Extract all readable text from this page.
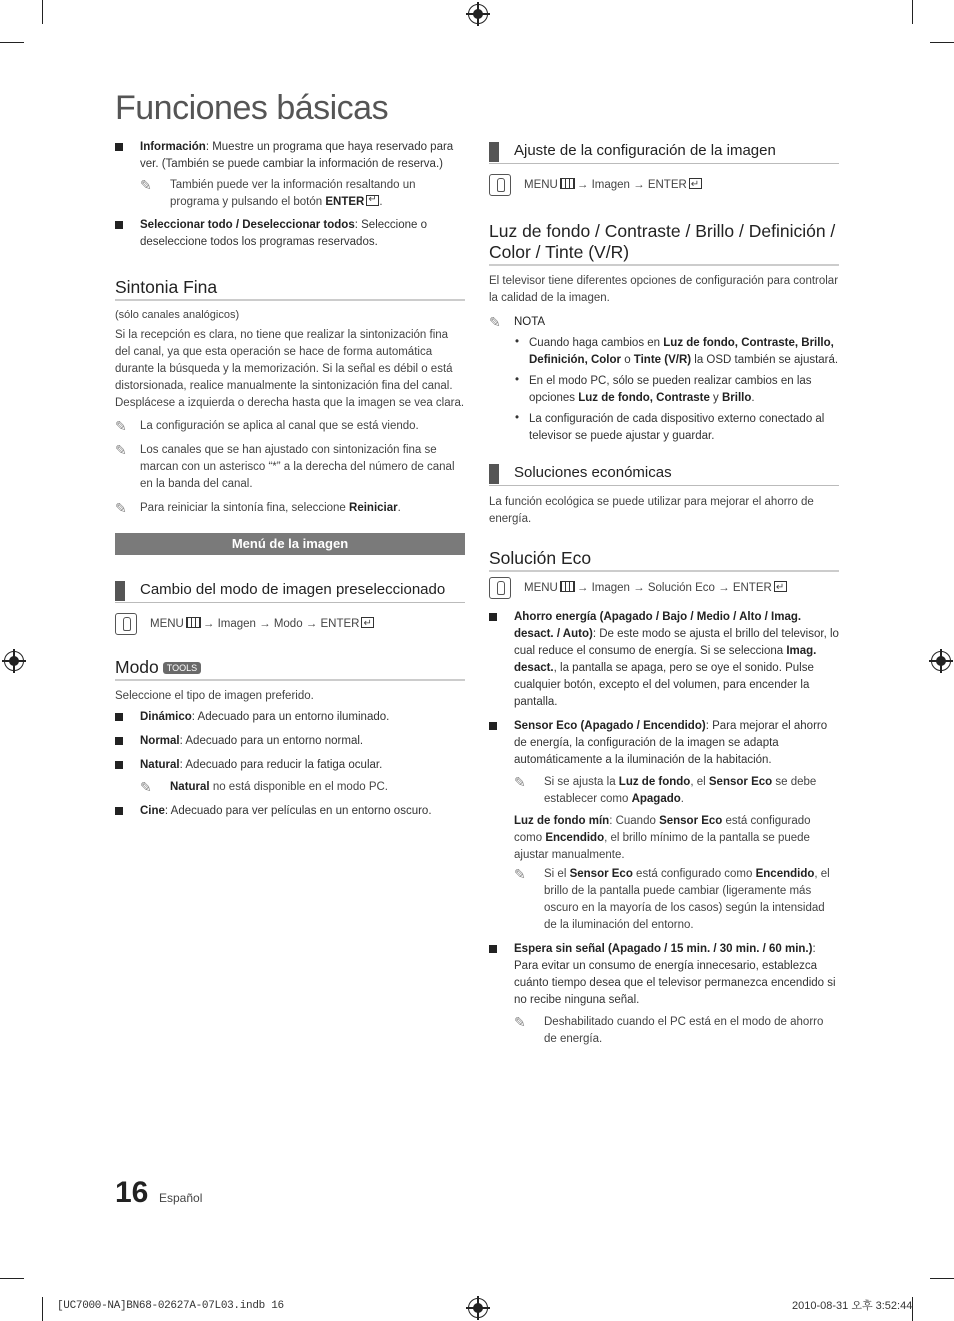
Funciones básicas
Información: Muestre un programa que haya reservado para ver. (También se puede cambiar la información de reserva.)
✎ También puede ver la información resaltando un programa y pulsando el botón ENTER↵ .
Seleccionar todo / Deseleccionar todos: Seleccione o deseleccione todos los programas reservados.
Sintonia Fina
(sólo canales analógicos)
Si la recepción es clara, no tiene que realizar la sintonización fina del canal, ya que esta operación se hace de forma automática durante la búsqueda y la memorización. Si la señal es débil o está distorsionada, realice manualmente la sintonización fina del canal. Desplácese a izquierda o derecha hasta que la imagen se vea clara.
✎ La configuración se aplica al canal que se está viendo.
✎ Los canales que se han ajustado con sintonización fina se marcan con un asterisco “*” a la derecha del número de canal en la banda del canal.
✎ Para reiniciar la sintonía fina, seleccione Reiniciar.
Menú de la imagen
Cambio del modo de imagen preseleccionado
MENU → Imagen → Modo → ENTER↵
Modo TOOLS
Seleccione el tipo de imagen preferido.
Dinámico: Adecuado para un entorno iluminado.
Normal: Adecuado para un entorno normal.
Natural: Adecuado para reducir la fatiga ocular.
✎ Natural no está disponible en el modo PC.
Cine: Adecuado para ver películas en un entorno oscuro.
Ajuste de la configuración de la imagen
MENU → Imagen → ENTER↵
Luz de fondo / Contraste / Brillo / Definición / Color / Tinte (V/R)
El televisor tiene diferentes opciones de configuración para controlar la calidad de la imagen.
✎ NOTA
• Cuando haga cambios en Luz de fondo, Contraste, Brillo, Definición, Color o Tinte (V/R) la OSD también se ajustará.
• En el modo PC, sólo se pueden realizar cambios en las opciones Luz de fondo, Contraste y Brillo.
• La configuración de cada dispositivo externo conectado al televisor se puede ajustar y guardar.
Soluciones económicas
La función ecológica se puede utilizar para mejorar el ahorro de energía.
Solución Eco
MENU → Imagen → Solución Eco → ENTER↵
Ahorro energía (Apagado / Bajo / Medio / Alto / Imag. desact. / Auto): De este modo se ajusta el brillo del televisor, lo cual reduce el consumo de energía. Si se selecciona Imag. desact., la pantalla se apaga, pero se oye el sonido. Pulse cualquier botón, excepto el del volumen, para encender la pantalla.
Sensor Eco (Apagado / Encendido): Para mejorar el ahorro de energía, la configuración de la imagen se adapta automáticamente a la iluminación de la habitación.
✎ Si se ajusta la Luz de fondo, el Sensor Eco se debe establecer como Apagado.
Luz de fondo mín: Cuando Sensor Eco está configurado como Encendido, el brillo mínimo de la pantalla se puede ajustar manualmente.
✎ Si el Sensor Eco está configurado como Encendido, el brillo de la pantalla puede cambiar (ligeramente más oscuro en la mayoría de los casos) según la intensidad de la iluminación del entorno.
Espera sin señal (Apagado / 15 min. / 30 min. / 60 min.): Para evitar un consumo de energía innecesario, establezca cuánto tiempo desea que el televisor permanezca encendido si no recibe ninguna señal.
✎ Deshabilitado cuando el PC está en el modo de ahorro de energía.
16 Español
[UC7000-NA]BN68-02627A-07L03.indb 16	2010-08-31 오후 3:52:44
